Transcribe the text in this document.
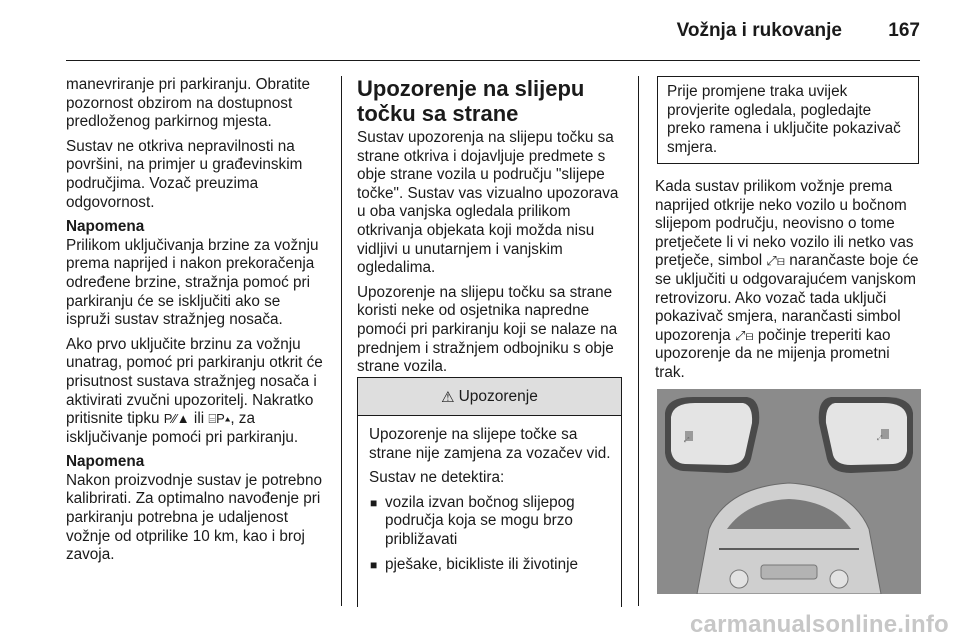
Vožnja i rukovanje 167

manevriranje pri parkiranju. Obratite pozornost obzirom na dostupnost predloženog parkirnog mjesta.

Sustav ne otkriva nepravilnosti na površini, na primjer u građevinskim područjima. Vozač preuzima odgovornost.

Napomena

Prilikom uključivanja brzine za vožnju prema naprijed i nakon prekoračenja određene brzine, stražnja pomoć pri parkiranju će se isključiti ako se ispruži sustav stražnjeg nosača.

Ako prvo uključite brzinu za vožnju unatrag, pomoć pri parkiranju otkrit će prisutnost sustava stražnjeg nosača i aktivirati zvučni upozoritelj. Nakratko pritisnite tipku P⁄⁄▲ ili ⌸P▴, za isključivanje pomoći pri parkiranju.

Napomena

Nakon proizvodnje sustav je potrebno kalibrirati. Za optimalno navođenje pri parkiranju potrebna je udaljenost vožnje od otprilike 10 km, kao i broj zavoja.

Upozorenje na slijepu točku sa strane

Sustav upozorenja na slijepu točku sa strane otkriva i dojavljuje predmete s obje strane vozila u području "slijepe točke". Sustav vas vizualno upozorava u oba vanjska ogledala prilikom otkrivanja objekata koji možda nisu vidljivi u unutarnjem i vanjskim ogledalima.

Upozorenje na slijepu točku sa strane koristi neke od osjetnika napredne pomoći pri parkiranju koji se nalaze na prednjem i stražnjem odbojniku s obje strane vozila.

⚠ Upozorenje

Upozorenje na slijepe točke sa strane nije zamjena za vozačev vid.

Sustav ne detektira:

■ vozila izvan bočnog slijepog područja koja se mogu brzo približavati
■ pješake, bicikliste ili životinje
Prije promjene traka uvijek provjerite ogledala, pogledajte preko ramena i uključite pokazivač smjera.
Kada sustav prilikom vožnje prema naprijed otkrije neko vozilo u bočnom slijepom području, neovisno o tome pretječete li vi neko vozilo ili netko vas pretječe, simbol ⤢⊟ narančaste boje će se uključiti u odgovarajućem vanjskom retrovizoru. Ako vozač tada uključi pokazivač smjera, narančasti simbol upozorenja ⤢⊟ počinje treperiti kao upozorenje da ne mijenja prometni trak.
⤢	⤢
carmanualsonline.info
